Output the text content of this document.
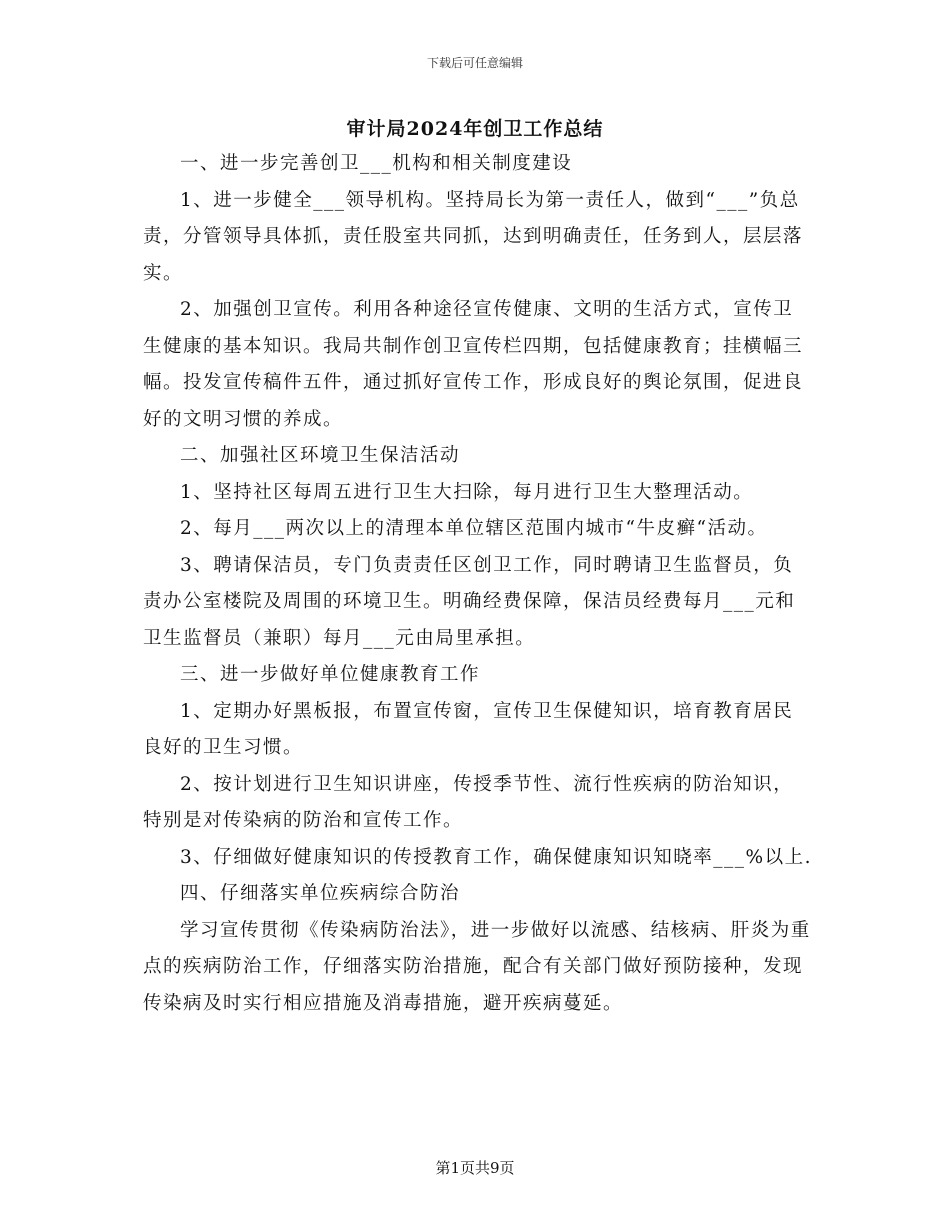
下载后可任意编辑
审计局2024年创卫工作总结

一、进一步完善创卫___机构和相关制度建设

1、进一步健全___领导机构。坚持局长为第一责任人，做到“___”负总责，分管领导具体抓，责任股室共同抓，达到明确责任，任务到人，层层落实。

2、加强创卫宣传。利用各种途径宣传健康、文明的生活方式，宣传卫生健康的基本知识。我局共制作创卫宣传栏四期，包括健康教育；挂横幅三幅。投发宣传稿件五件，通过抓好宣传工作，形成良好的舆论氛围，促进良好的文明习惯的养成。

二、加强社区环境卫生保洁活动

1、坚持社区每周五进行卫生大扫除，每月进行卫生大整理活动。

2、每月___两次以上的清理本单位辖区范围内城市“牛皮癣“活动。

3、聘请保洁员，专门负责责任区创卫工作，同时聘请卫生监督员，负责办公室楼院及周围的环境卫生。明确经费保障，保洁员经费每月___元和卫生监督员（兼职）每月___元由局里承担。

三、进一步做好单位健康教育工作

1、定期办好黑板报，布置宣传窗，宣传卫生保健知识，培育教育居民良好的卫生习惯。

2、按计划进行卫生知识讲座，传授季节性、流行性疾病的防治知识，特别是对传染病的防治和宣传工作。

3、仔细做好健康知识的传授教育工作，确保健康知识知晓率___%以上.

四、仔细落实单位疾病综合防治

学习宣传贯彻《传染病防治法》，进一步做好以流感、结核病、肝炎为重点的疾病防治工作，仔细落实防治措施，配合有关部门做好预防接种，发现传染病及时实行相应措施及消毒措施，避开疾病蔓延。

第1页共9页
